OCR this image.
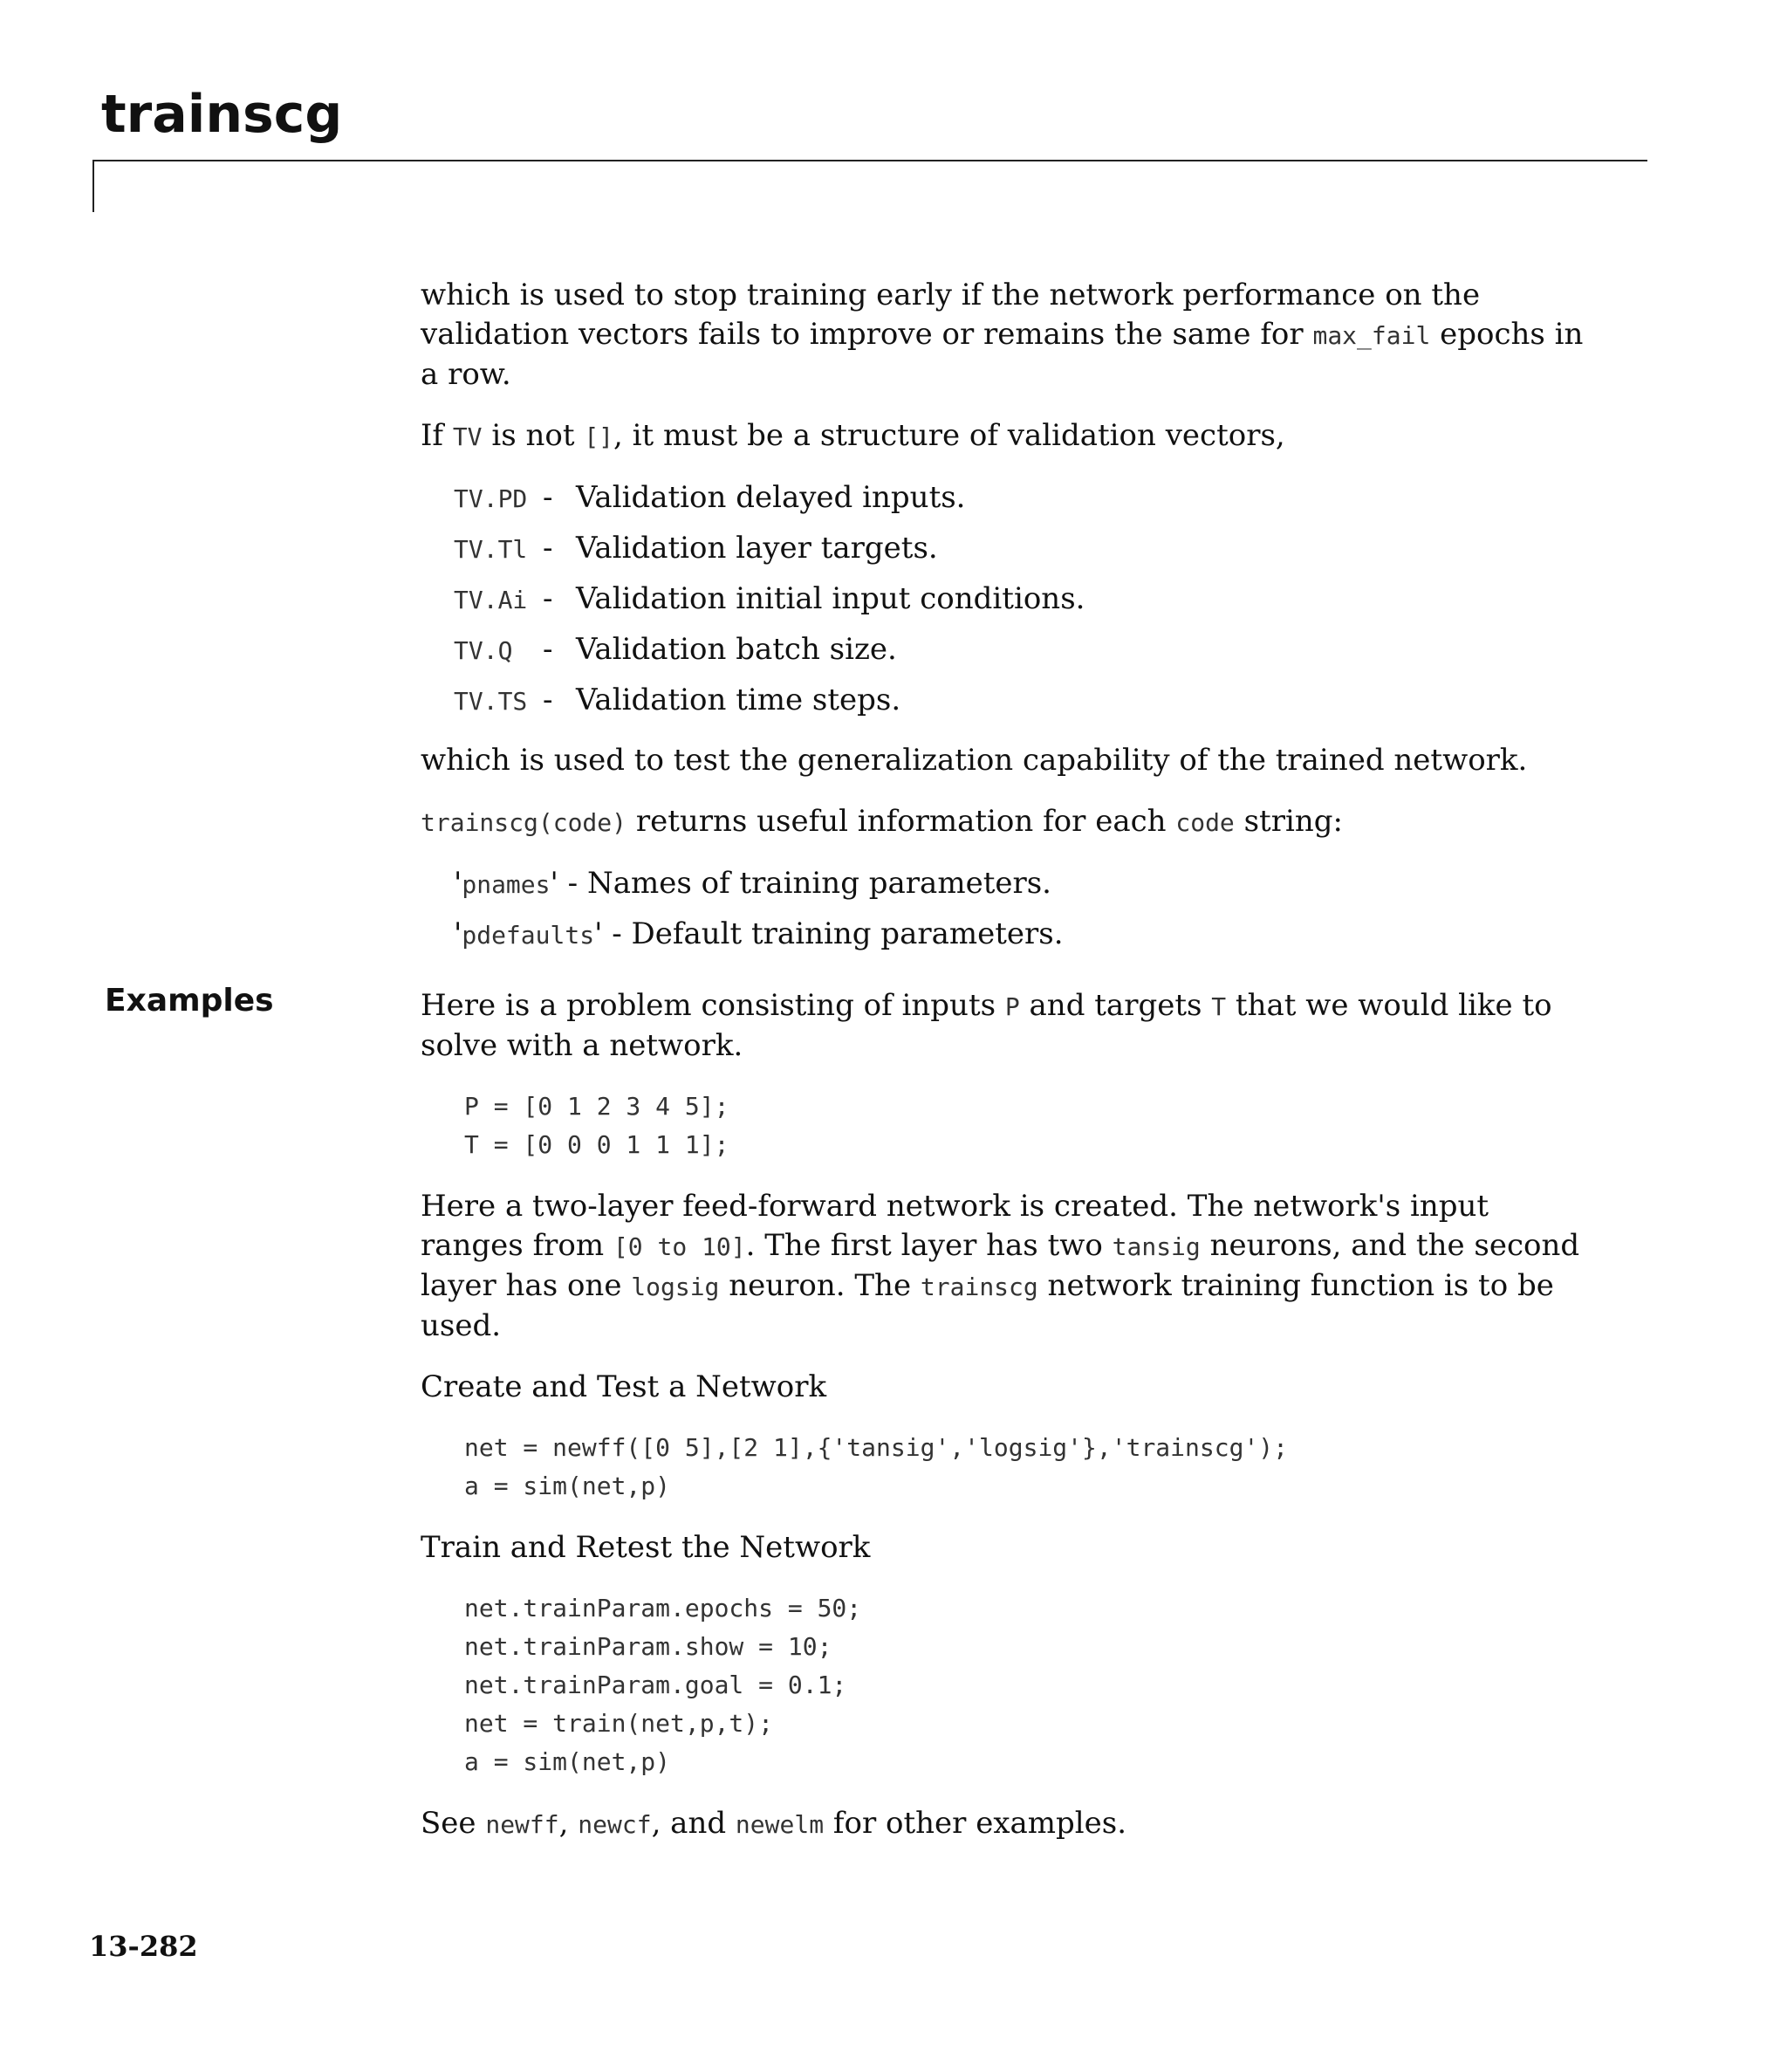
trainscg
Examples

which is used to stop training early if the network performance on the validation vectors fails to improve or remains the same for max_fail epochs in a row.

If TV is not [], it must be a structure of validation vectors,

TV.PD - Validation delayed inputs.
TV.Tl - Validation layer targets.
TV.Ai - Validation initial input conditions.
TV.Q	- Validation batch size.
TV.TS - Validation time steps.

which is used to test the generalization capability of the trained network.

trainscg(code) returns useful information for each code string:

'pnames' - Names of training parameters.
'pdefaults' - Default training parameters.

Here is a problem consisting of inputs P and targets T that we would like to solve with a network.

P = [0 1 2 3 4 5];
T = [0 0 0 1 1 1];

Here a two-layer feed-forward network is created. The network's input ranges from [0 to 10]. The first layer has two tansig neurons, and the second layer has one logsig neuron. The trainscg network training function is to be used.

Create and Test a Network

net = newff([0 5],[2 1],{'tansig','logsig'},'trainscg');
a = sim(net,p)

Train and Retest the Network

net.trainParam.epochs = 50;
net.trainParam.show = 10;
net.trainParam.goal = 0.1;
net = train(net,p,t);
a = sim(net,p)

See newff, newcf, and newelm for other examples.

13-282
